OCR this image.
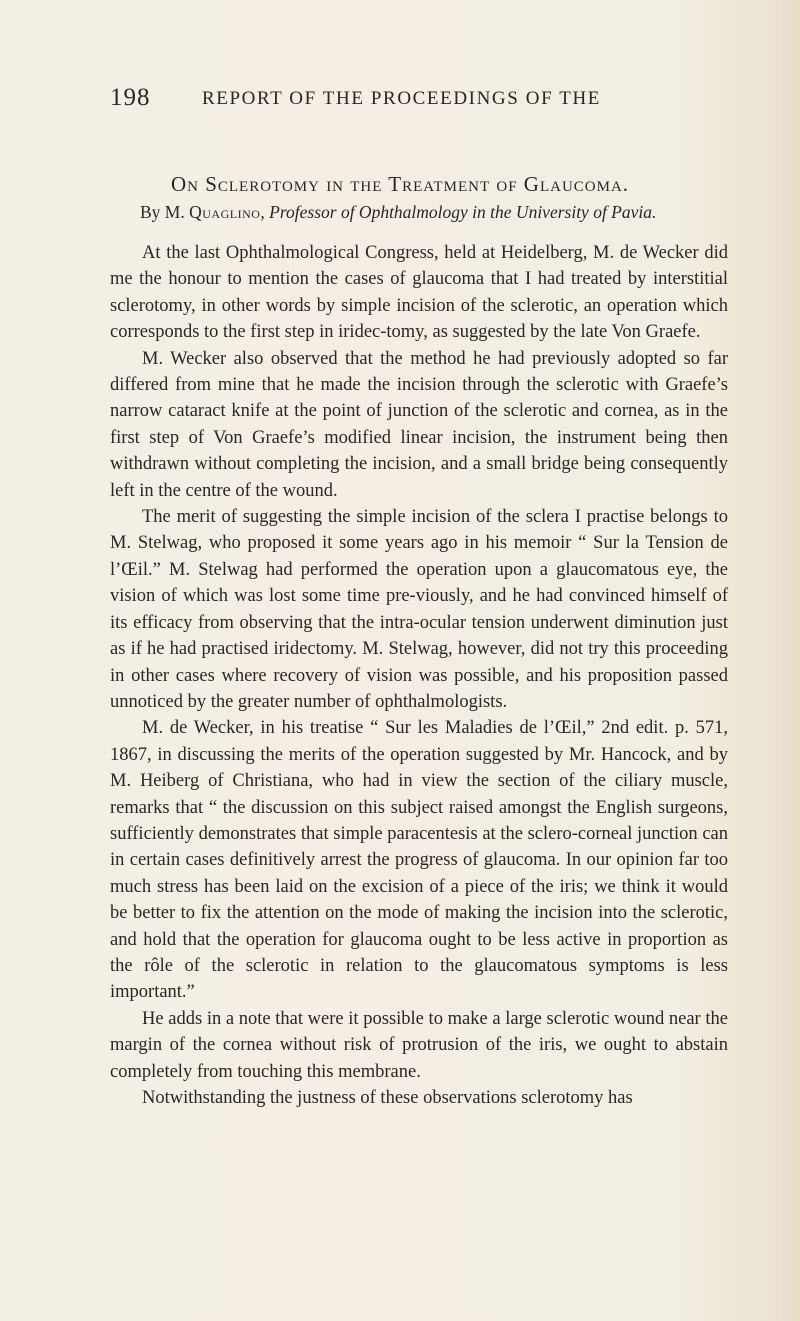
198	REPORT OF THE PROCEEDINGS OF THE
On Sclerotomy in the Treatment of Glaucoma.
By M. Quaglino, Professor of Ophthalmology in the University of Pavia.

At the last Ophthalmological Congress, held at Heidelberg, M. de Wecker did me the honour to mention the cases of glaucoma that I had treated by interstitial sclerotomy, in other words by simple incision of the sclerotic, an operation which corresponds to the first step in iridec-tomy, as suggested by the late Von Graefe.

M. Wecker also observed that the method he had previously adopted so far differed from mine that he made the incision through the sclerotic with Graefe’s narrow cataract knife at the point of junction of the sclerotic and cornea, as in the first step of Von Graefe’s modified linear incision, the instrument being then withdrawn without completing the incision, and a small bridge being consequently left in the centre of the wound.

The merit of suggesting the simple incision of the sclera I practise belongs to M. Stelwag, who proposed it some years ago in his memoir “ Sur la Tension de l’Œil.” M. Stelwag had performed the operation upon a glaucomatous eye, the vision of which was lost some time pre-viously, and he had convinced himself of its efficacy from observing that the intra-ocular tension underwent diminution just as if he had practised iridectomy. M. Stelwag, however, did not try this proceeding in other cases where recovery of vision was possible, and his proposition passed unnoticed by the greater number of ophthalmologists.

M. de Wecker, in his treatise “ Sur les Maladies de l’Œil,” 2nd edit. p. 571, 1867, in discussing the merits of the operation suggested by Mr. Hancock, and by M. Heiberg of Christiana, who had in view the section of the ciliary muscle, remarks that “ the discussion on this subject raised amongst the English surgeons, sufficiently demonstrates that simple paracentesis at the sclero-corneal junction can in certain cases definitively arrest the progress of glaucoma. In our opinion far too much stress has been laid on the excision of a piece of the iris; we think it would be better to fix the attention on the mode of making the incision into the sclerotic, and hold that the operation for glaucoma ought to be less active in proportion as the rôle of the sclerotic in relation to the glaucomatous symptoms is less important.”

He adds in a note that were it possible to make a large sclerotic wound near the margin of the cornea without risk of protrusion of the iris, we ought to abstain completely from touching this membrane.

Notwithstanding the justness of these observations sclerotomy has
